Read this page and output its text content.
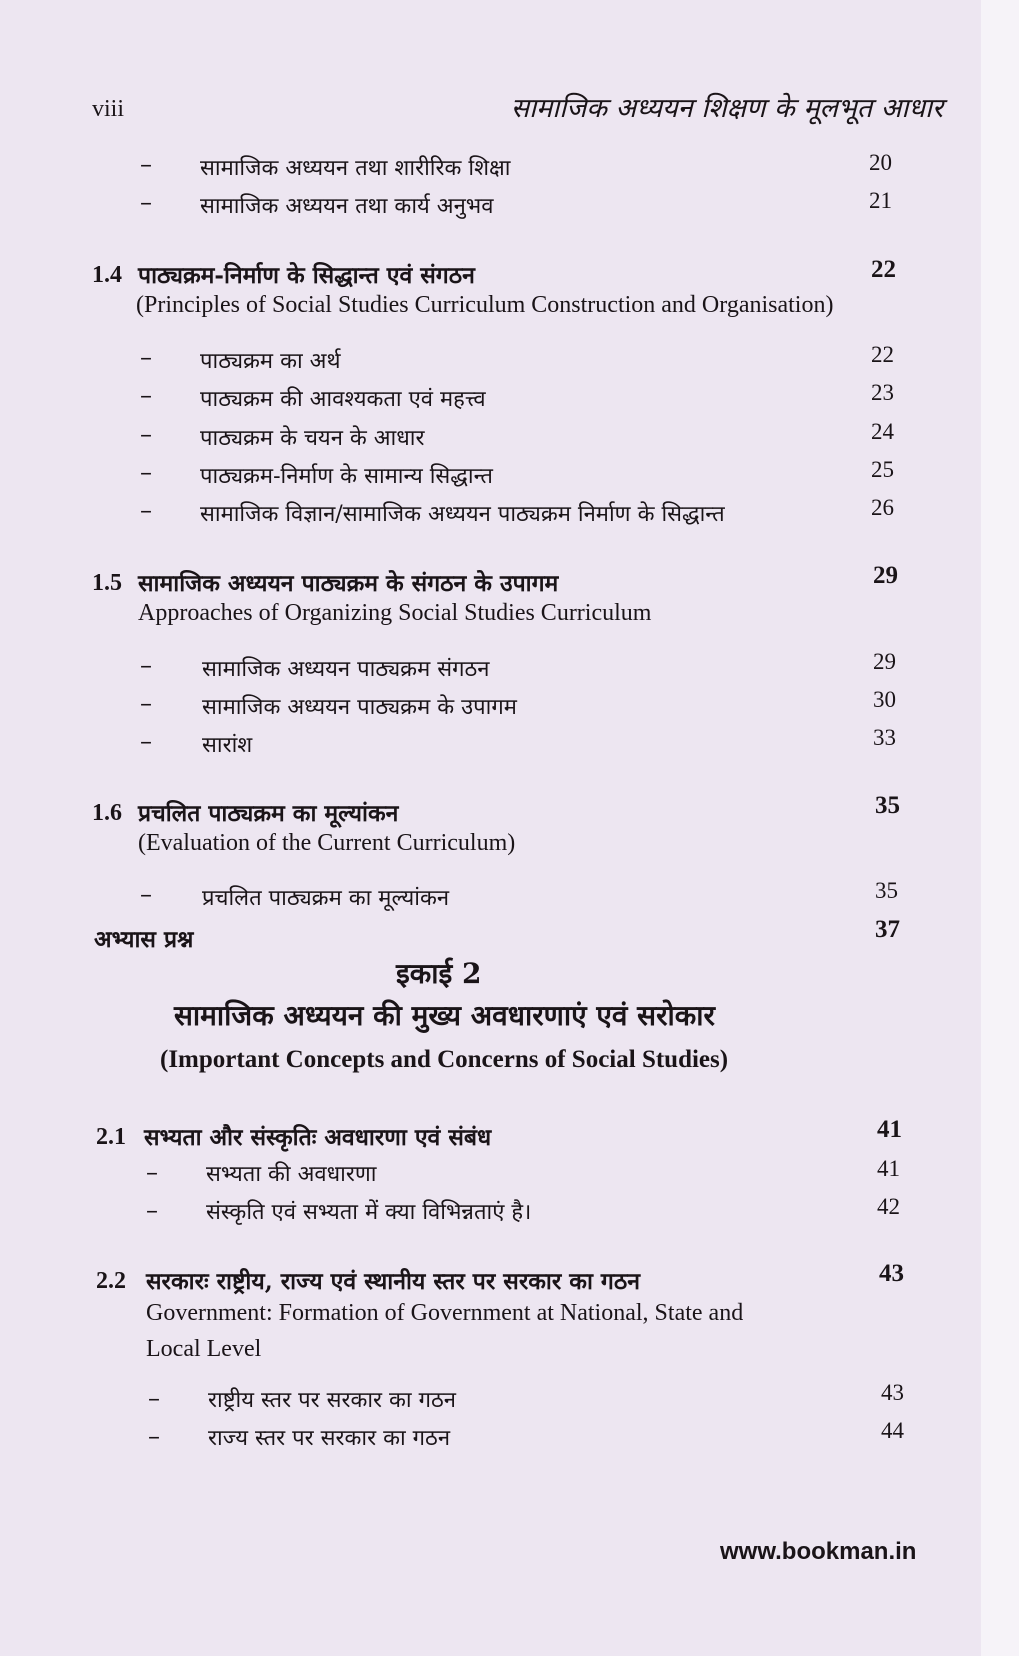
viii	सामाजिक अध्ययन शिक्षण के मूलभूत आधार
– सामाजिक अध्ययन तथा शारीरिक शिक्षा	20
– सामाजिक अध्ययन तथा कार्य अनुभव	21
1.4 पाठ्यक्रम-निर्माण के सिद्धान्त एवं संगठन	22
(Principles of Social Studies Curriculum Construction and Organisation)
– पाठ्यक्रम का अर्थ	22
– पाठ्यक्रम की आवश्यकता एवं महत्त्व	23
– पाठ्यक्रम के चयन के आधार	24
– पाठ्यक्रम-निर्माण के सामान्य सिद्धान्त	25
– सामाजिक विज्ञान/सामाजिक अध्ययन पाठ्यक्रम निर्माण के सिद्धान्त	26
1.5 सामाजिक अध्ययन पाठ्यक्रम के संगठन के उपागम	29
Approaches of Organizing Social Studies Curriculum
– सामाजिक अध्ययन पाठ्यक्रम संगठन	29
– सामाजिक अध्ययन पाठ्यक्रम के उपागम	30
– सारांश	33
1.6 प्रचलित पाठ्यक्रम का मूल्यांकन	35
(Evaluation of the Current Curriculum)
– प्रचलित पाठ्यक्रम का मूल्यांकन	35
अभ्यास प्रश्न	37
इकाई 2
सामाजिक अध्ययन की मुख्य अवधारणाएं एवं सरोकार
(Important Concepts and Concerns of Social Studies)
2.1 सभ्यता और संस्कृतिः अवधारणा एवं संबंध	41
– सभ्यता की अवधारणा	41
– संस्कृति एवं सभ्यता में क्या विभिन्नताएं है।	42
2.2 सरकारः राष्ट्रीय, राज्य एवं स्थानीय स्तर पर सरकार का गठन	43
Government: Formation of Government at National, State and
Local Level
– राष्ट्रीय स्तर पर सरकार का गठन	43
– राज्य स्तर पर सरकार का गठन	44
www.bookman.in
